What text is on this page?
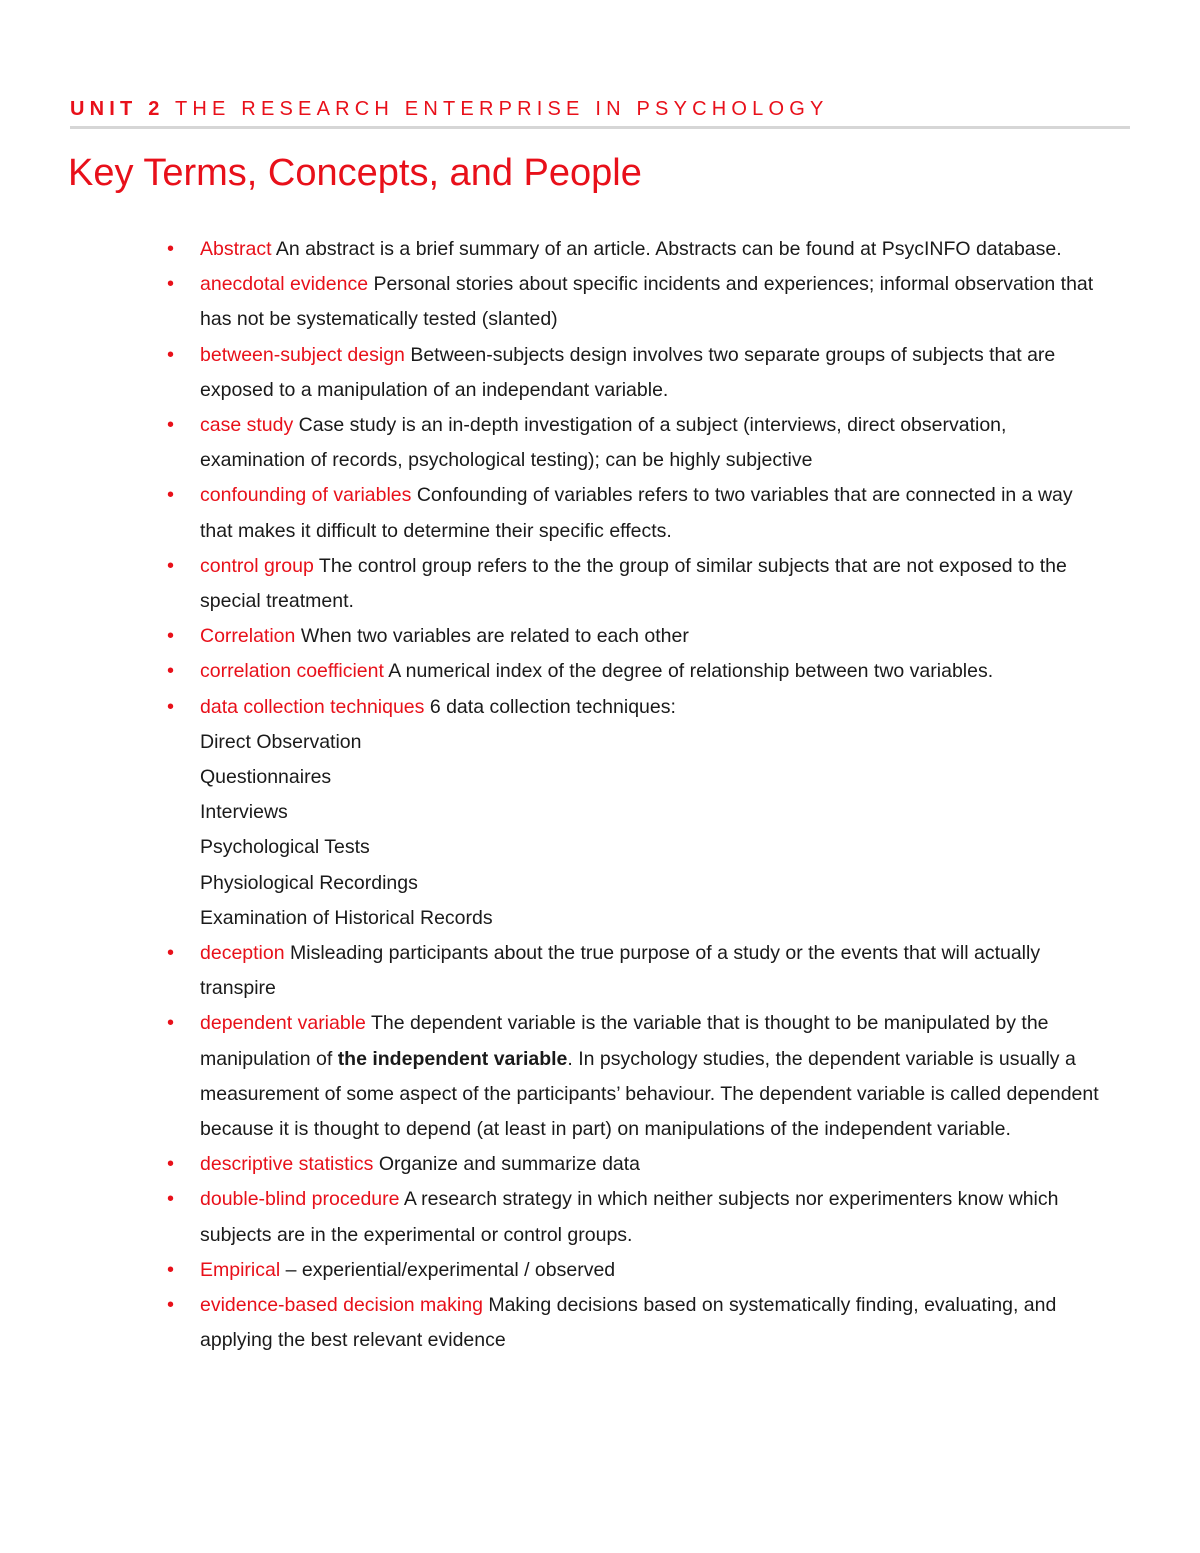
UNIT 2 THE RESEARCH ENTERPRISE IN PSYCHOLOGY
Key Terms, Concepts, and People
• Abstract An abstract is a brief summary of an article. Abstracts can be found at PsycINFO database.
• anecdotal evidence Personal stories about specific incidents and experiences; informal observation that has not be systematically tested (slanted)
• between-subject design Between-subjects design involves two separate groups of subjects that are exposed to a manipulation of an independant variable.
• case study Case study is an in-depth investigation of a subject (interviews, direct observation, examination of records, psychological testing); can be highly subjective
• confounding of variables Confounding of variables refers to two variables that are connected in a way that makes it difficult to determine their specific effects.
• control group The control group refers to the the group of similar subjects that are not exposed to the special treatment.
• Correlation When two variables are related to each other
• correlation coefficient A numerical index of the degree of relationship between two variables.
• data collection techniques 6 data collection techniques:
Direct Observation
Questionnaires
Interviews
Psychological Tests
Physiological Recordings
Examination of Historical Records
• deception Misleading participants about the true purpose of a study or the events that will actually transpire
• dependent variable The dependent variable is the variable that is thought to be manipulated by the manipulation of the independent variable. In psychology studies, the dependent variable is usually a measurement of some aspect of the participants’ behaviour. The dependent variable is called dependent because it is thought to depend (at least in part) on manipulations of the independent variable.
• descriptive statistics Organize and summarize data
• double-blind procedure A research strategy in which neither subjects nor experimenters know which subjects are in the experimental or control groups.
• Empirical – experiential/experimental / observed
• evidence-based decision making Making decisions based on systematically finding, evaluating, and applying the best relevant evidence
